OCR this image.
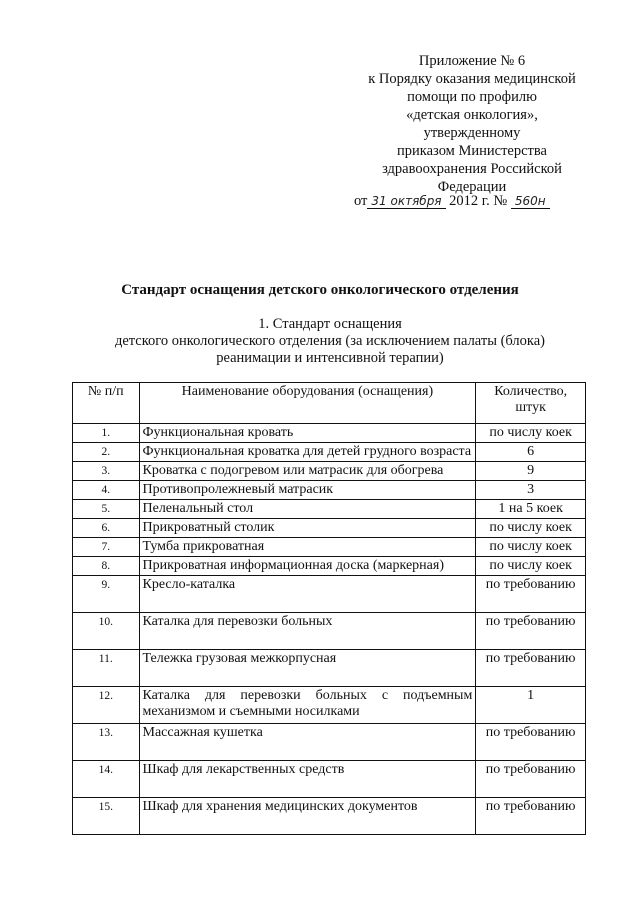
Приложение № 6
к Порядку оказания медицинской
помощи по профилю
«детская онкология»,
утвержденному
приказом Министерства
здравоохранения Российской
Федерации
от 31 октября 2012 г. № 560н
Стандарт оснащения детского онкологического отделения
1. Стандарт оснащения
детского онкологического отделения (за исключением палаты (блока)
реанимации и интенсивной терапии)
№ п/п	Наименование оборудования (оснащения)	Количество, штук
1.	Функциональная кровать	по числу коек
2.	Функциональная кроватка для детей грудного возраста	6
3.	Кроватка с подогревом или матрасик для обогрева	9
4.	Противопролежневый матрасик	3
5.	Пеленальный стол	1 на 5 коек
6.	Прикроватный столик	по числу коек
7.	Тумба прикроватная	по числу коек
8.	Прикроватная информационная доска (маркерная)	по числу коек
9.	Кресло-каталка	по требованию
10.	Каталка для перевозки больных	по требованию
11.	Тележка грузовая межкорпусная	по требованию
12.	Каталка для перевозки больных с подъемным механизмом и съемными носилками	1
13.	Массажная кушетка	по требованию
14.	Шкаф для лекарственных средств	по требованию
15.	Шкаф для хранения медицинских документов	по требованию
